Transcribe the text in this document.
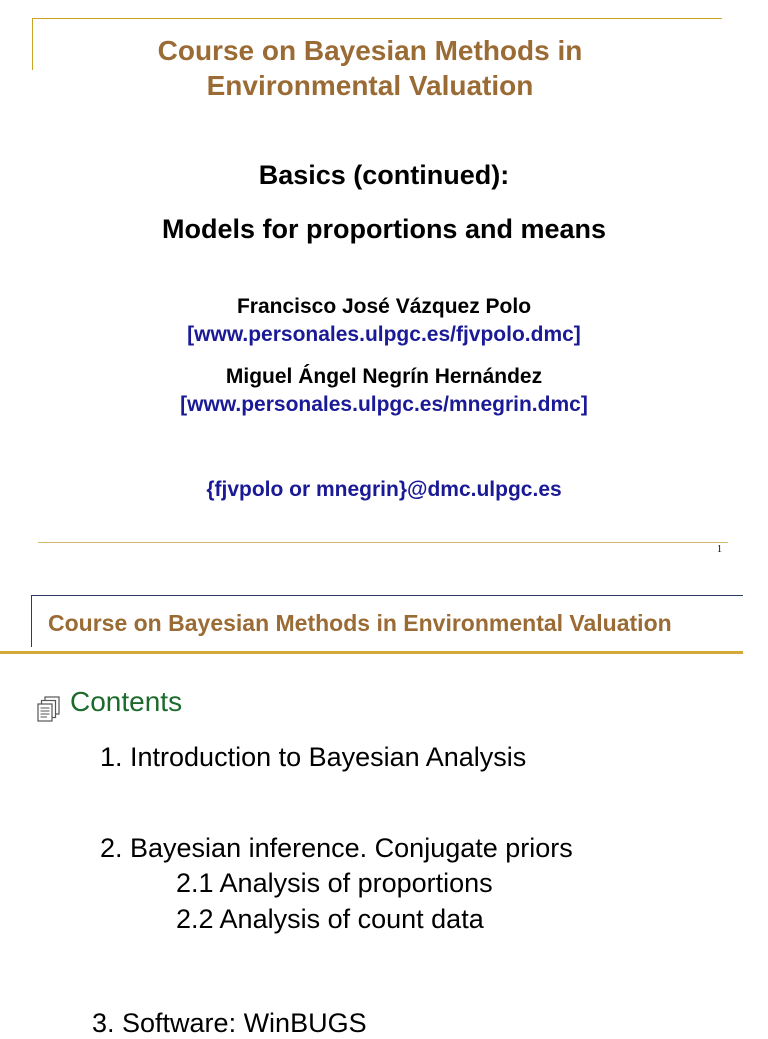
Course on Bayesian Methods in
Environmental Valuation
Basics (continued):
Models for proportions and means
Francisco José Vázquez Polo
[www.personales.ulpgc.es/fjvpolo.dmc]
Miguel Ángel Negrín Hernández
[www.personales.ulpgc.es/mnegrin.dmc]
{fjvpolo or mnegrin}@dmc.ulpgc.es
1
Course on Bayesian Methods in Environmental Valuation
Contents
1. Introduction to Bayesian Analysis
2. Bayesian inference. Conjugate priors
2.1 Analysis of proportions
2.2 Analysis of count data
3. Software: WinBUGS
